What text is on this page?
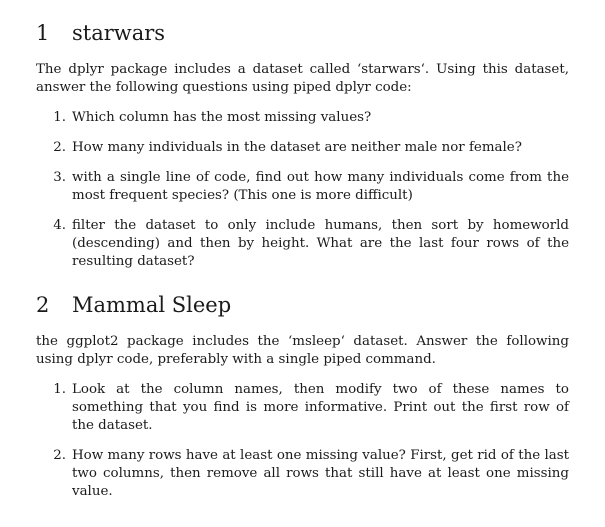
1	starwars

The dplyr package includes a dataset called ‘starwars‘. Using this dataset, answer the following questions using piped dplyr code:

1. Which column has the most missing values?
2. How many individuals in the dataset are neither male nor female?
3. with a single line of code, find out how many individuals come from the most frequent species? (This one is more difficult)
4. filter the dataset to only include humans, then sort by homeworld (descending) and then by height. What are the last four rows of the resulting dataset?
2	Mammal Sleep

the ggplot2 package includes the ‘msleep‘ dataset. Answer the following using dplyr code, preferably with a single piped command.

1. Look at the column names, then modify two of these names to something that you find is more informative. Print out the first row of the dataset.
2. How many rows have at least one missing value? First, get rid of the last two columns, then remove all rows that still have at least one missing value.
